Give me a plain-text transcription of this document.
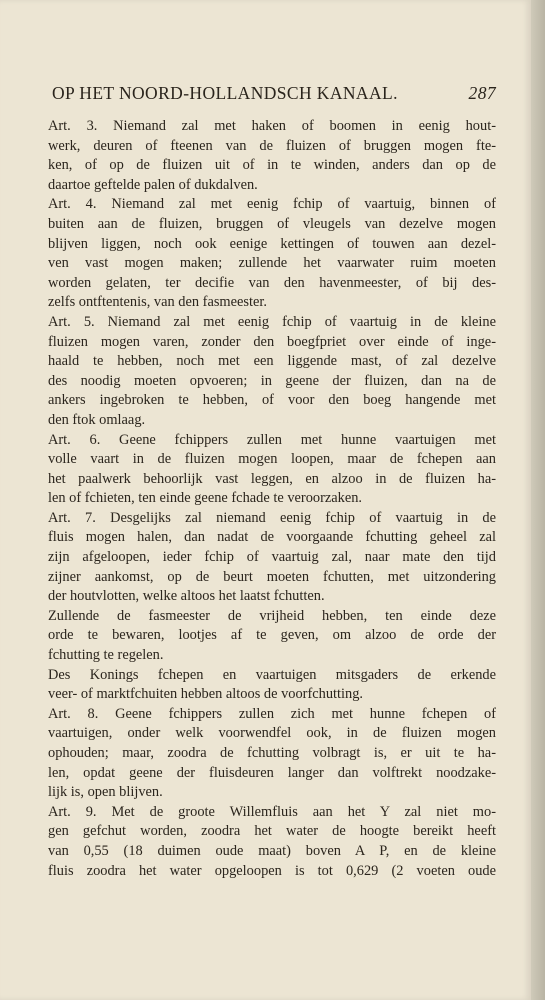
OP HET NOORD-HOLLANDSCH KANAAL.	287
Art. 3. Niemand zal met haken of boomen in eenig hout-
werk, deuren of fteenen van de fluizen of bruggen mogen fte-
ken, of op de fluizen uit of in te winden, anders dan op de
daartoe geftelde palen of dukdalven.
Art. 4. Niemand zal met eenig fchip of vaartuig, binnen of
buiten aan de fluizen, bruggen of vleugels van dezelve mogen
blijven liggen, noch ook eenige kettingen of touwen aan dezel-
ven vast mogen maken; zullende het vaarwater ruim moeten
worden gelaten, ter decifie van den havenmeester, of bij des-
zelfs ontftentenis, van den fasmeester.
Art. 5. Niemand zal met eenig fchip of vaartuig in de kleine
fluizen mogen varen, zonder den boegfpriet over einde of inge-
haald te hebben, noch met een liggende mast, of zal dezelve
des noodig moeten opvoeren; in geene der fluizen, dan na de
ankers ingebroken te hebben, of voor den boeg hangende met
den ftok omlaag.
Art. 6. Geene fchippers zullen met hunne vaartuigen met
volle vaart in de fluizen mogen loopen, maar de fchepen aan
het paalwerk behoorlijk vast leggen, en alzoo in de fluizen ha-
len of fchieten, ten einde geene fchade te veroorzaken.
Art. 7. Desgelijks zal niemand eenig fchip of vaartuig in de
fluis mogen halen, dan nadat de voorgaande fchutting geheel zal
zijn afgeloopen, ieder fchip of vaartuig zal, naar mate den tijd
zijner aankomst, op de beurt moeten fchutten, met uitzondering
der houtvlotten, welke altoos het laatst fchutten.
Zullende de fasmeester de vrijheid hebben, ten einde deze
orde te bewaren, lootjes af te geven, om alzoo de orde der
fchutting te regelen.
Des Konings fchepen en vaartuigen mitsgaders de erkende
veer- of marktfchuiten hebben altoos de voorfchutting.
Art. 8. Geene fchippers zullen zich met hunne fchepen of
vaartuigen, onder welk voorwendfel ook, in de fluizen mogen
ophouden; maar, zoodra de fchutting volbragt is, er uit te ha-
len, opdat geene der fluisdeuren langer dan volftrekt noodzake-
lijk is, open blijven.
Art. 9. Met de groote Willemfluis aan het Y zal niet mo-
gen gefchut worden, zoodra het water de hoogte bereikt heeft
van 0,55 (18 duimen oude maat) boven A P, en de kleine
fluis zoodra het water opgeloopen is tot 0,629 (2 voeten oude
